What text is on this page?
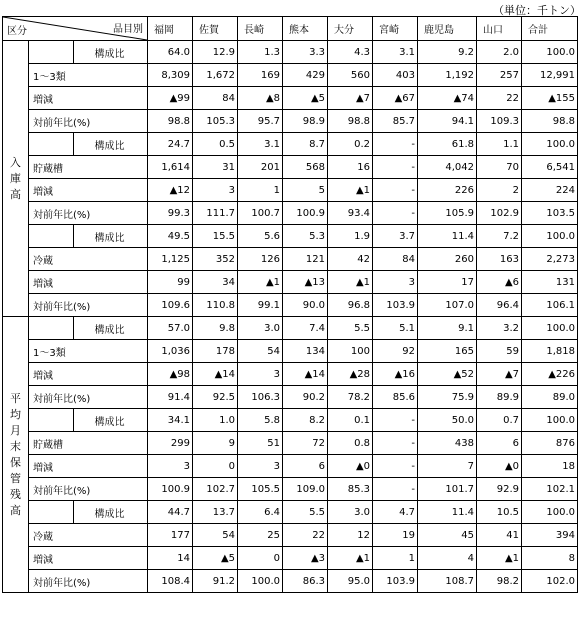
（単位：千トン）
区分 品目別			福岡	佐賀	長崎	熊本	大分	宮崎	鹿児島	山口	合計
入庫高		構成比	64.0	12.9	1.3	3.3	4.3	3.1	9.2	2.0	100.0
	1～3類		8,309	1,672	169	429	560	403	1,192	257	12,991
	増減		▲99	84	▲8	▲5	▲7	▲67	▲74	22	▲155
	対前年比(%)		98.8	105.3	95.7	98.9	98.8	85.7	94.1	109.3	98.8
		構成比	24.7	0.5	3.1	8.7	0.2	-	61.8	1.1	100.0
	貯蔵槽		1,614	31	201	568	16	-	4,042	70	6,541
	増減		▲12	3	1	5	▲1	-	226	2	224
	対前年比(%)		99.3	111.7	100.7	100.9	93.4	-	105.9	102.9	103.5
		構成比	49.5	15.5	5.6	5.3	1.9	3.7	11.4	7.2	100.0
	冷蔵		1,125	352	126	121	42	84	260	163	2,273
	増減		99	34	▲1	▲13	▲1	3	17	▲6	131
	対前年比(%)		109.6	110.8	99.1	90.0	96.8	103.9	107.0	96.4	106.1
平均月末保管残高		構成比	57.0	9.8	3.0	7.4	5.5	5.1	9.1	3.2	100.0
	1～3類		1,036	178	54	134	100	92	165	59	1,818
	増減		▲98	▲14	3	▲14	▲28	▲16	▲52	▲7	▲226
	対前年比(%)		91.4	92.5	106.3	90.2	78.2	85.6	75.9	89.9	89.0
		構成比	34.1	1.0	5.8	8.2	0.1	-	50.0	0.7	100.0
	貯蔵槽		299	9	51	72	0.8	-	438	6	876
	増減		3	0	3	6	▲0	-	7	▲0	18
	対前年比(%)		100.9	102.7	105.5	109.0	85.3	-	101.7	92.9	102.1
		構成比	44.7	13.7	6.4	5.5	3.0	4.7	11.4	10.5	100.0
	冷蔵		177	54	25	22	12	19	45	41	394
	増減		14	▲5	0	▲3	▲1	1	4	▲1	8
	対前年比(%)		108.4	91.2	100.0	86.3	95.0	103.9	108.7	98.2	102.0
